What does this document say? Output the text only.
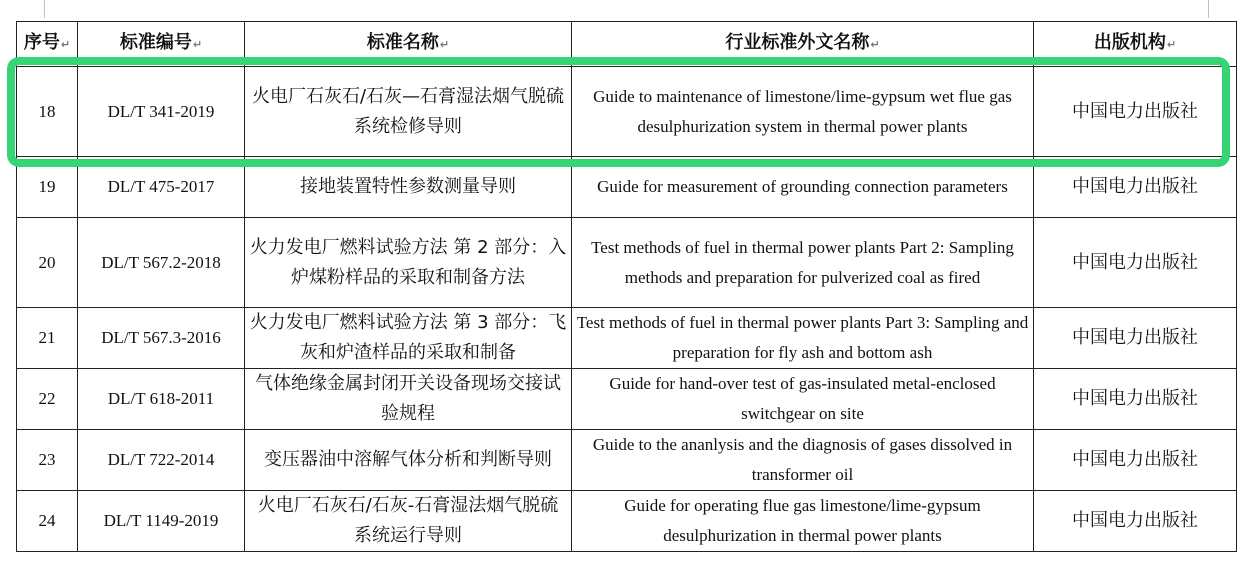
序号↵	标准编号↵	标准名称↵	行业标准外文名称↵	出版机构↵
18	DL/T 341-2019	火电厂石灰石/石灰—石膏湿法烟气脱硫系统检修导则	Guide to maintenance of limestone/lime-gypsum wet flue gas desulphurization system in thermal power plants	中国电力出版社
19	DL/T 475-2017	接地装置特性参数测量导则	Guide for measurement of grounding connection parameters	中国电力出版社
20	DL/T 567.2-2018	火力发电厂燃料试验方法 第 2 部分：入炉煤粉样品的采取和制备方法	Test methods of fuel in thermal power plants Part 2: Sampling methods and preparation for pulverized coal as fired	中国电力出版社
21	DL/T 567.3-2016	火力发电厂燃料试验方法 第 3 部分：飞灰和炉渣样品的采取和制备	Test methods of fuel in thermal power plants Part 3: Sampling and preparation for fly ash and bottom ash	中国电力出版社
22	DL/T 618-2011	气体绝缘金属封闭开关设备现场交接试验规程	Guide for hand-over test of gas-insulated metal-enclosed switchgear on site	中国电力出版社
23	DL/T 722-2014	变压器油中溶解气体分析和判断导则	Guide to the ananlysis and the diagnosis of gases dissolved in transformer oil	中国电力出版社
24	DL/T 1149-2019	火电厂石灰石/石灰-石膏湿法烟气脱硫系统运行导则	Guide for operating flue gas limestone/lime-gypsum desulphurization in thermal power plants	中国电力出版社
